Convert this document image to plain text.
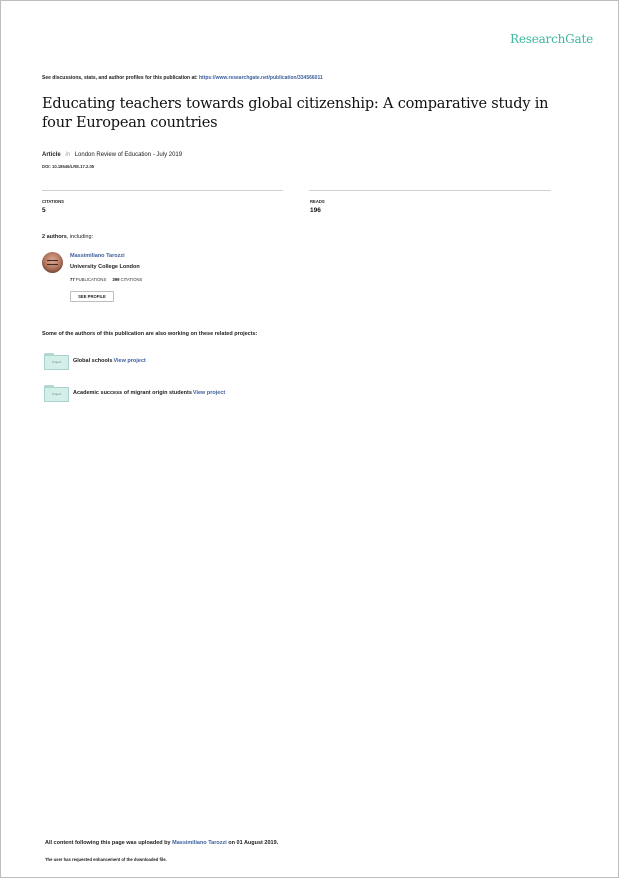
ResearchGate
See discussions, stats, and author profiles for this publication at: https://www.researchgate.net/publication/334566011
Educating teachers towards global citizenship: A comparative study in four European countries
Article in London Review of Education - July 2019
DOI: 10.18546/LRE.17.2.05
CITATIONS
5
READS
196
2 authors, including:
Massimiliano Tarozzi
University College London
77 PUBLICATIONS 399 CITATIONS
SEE PROFILE
Some of the authors of this publication are also working on these related projects:
Project	Global schools View project
Project	Academic success of migrant origin students View project
All content following this page was uploaded by Massimiliano Tarozzi on 01 August 2019.
The user has requested enhancement of the downloaded file.
